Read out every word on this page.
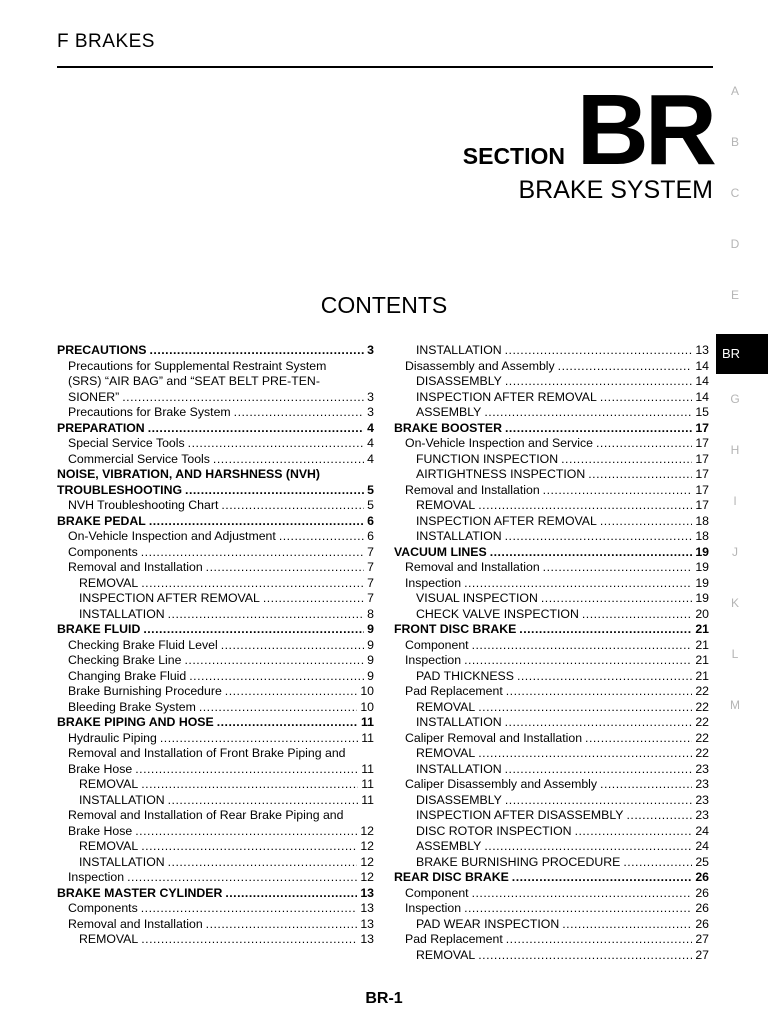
F BRAKES
SECTION BR
BRAKE SYSTEM
CONTENTS
PRECAUTIONS .....	3
Precautions for Supplemental Restraint System
(SRS) “AIR BAG” and “SEAT BELT PRE-TEN-
SIONER” .....	3
Precautions for Brake System .....	3
PREPARATION .....	4
Special Service Tools .....	4
Commercial Service Tools .....	4
NOISE, VIBRATION, AND HARSHNESS (NVH)
TROUBLESHOOTING .....	5
NVH Troubleshooting Chart .....	5
BRAKE PEDAL .....	6
On-Vehicle Inspection and Adjustment .....	6
Components .....	7
Removal and Installation .....	7
REMOVAL .....	7
INSPECTION AFTER REMOVAL .....	7
INSTALLATION .....	8
BRAKE FLUID .....	9
Checking Brake Fluid Level .....	9
Checking Brake Line .....	9
Changing Brake Fluid .....	9
Brake Burnishing Procedure .....	10
Bleeding Brake System .....	10
BRAKE PIPING AND HOSE .....	11
Hydraulic Piping .....	11
Removal and Installation of Front Brake Piping and
Brake Hose .....	11
REMOVAL .....	11
INSTALLATION .....	11
Removal and Installation of Rear Brake Piping and
Brake Hose .....	12
REMOVAL .....	12
INSTALLATION .....	12
Inspection .....	12
BRAKE MASTER CYLINDER .....	13
Components .....	13
Removal and Installation .....	13
REMOVAL .....	13
INSTALLATION .....	13
Disassembly and Assembly .....	14
DISASSEMBLY .....	14
INSPECTION AFTER REMOVAL .....	14
ASSEMBLY .....	15
BRAKE BOOSTER .....	17
On-Vehicle Inspection and Service .....	17
FUNCTION INSPECTION .....	17
AIRTIGHTNESS INSPECTION .....	17
Removal and Installation .....	17
REMOVAL .....	17
INSPECTION AFTER REMOVAL .....	18
INSTALLATION .....	18
VACUUM LINES .....	19
Removal and Installation .....	19
Inspection .....	19
VISUAL INSPECTION .....	19
CHECK VALVE INSPECTION .....	20
FRONT DISC BRAKE .....	21
Component .....	21
Inspection .....	21
PAD THICKNESS .....	21
Pad Replacement .....	22
REMOVAL .....	22
INSTALLATION .....	22
Caliper Removal and Installation .....	22
REMOVAL .....	22
INSTALLATION .....	23
Caliper Disassembly and Assembly .....	23
DISASSEMBLY .....	23
INSPECTION AFTER DISASSEMBLY .....	23
DISC ROTOR INSPECTION .....	24
ASSEMBLY .....	24
BRAKE BURNISHING PROCEDURE .....	25
REAR DISC BRAKE .....	26
Component .....	26
Inspection .....	26
PAD WEAR INSPECTION .....	26
Pad Replacement .....	27
REMOVAL .....	27
A
B
C
D
E
BR
G
H
I
J
K
L
M
BR-1
